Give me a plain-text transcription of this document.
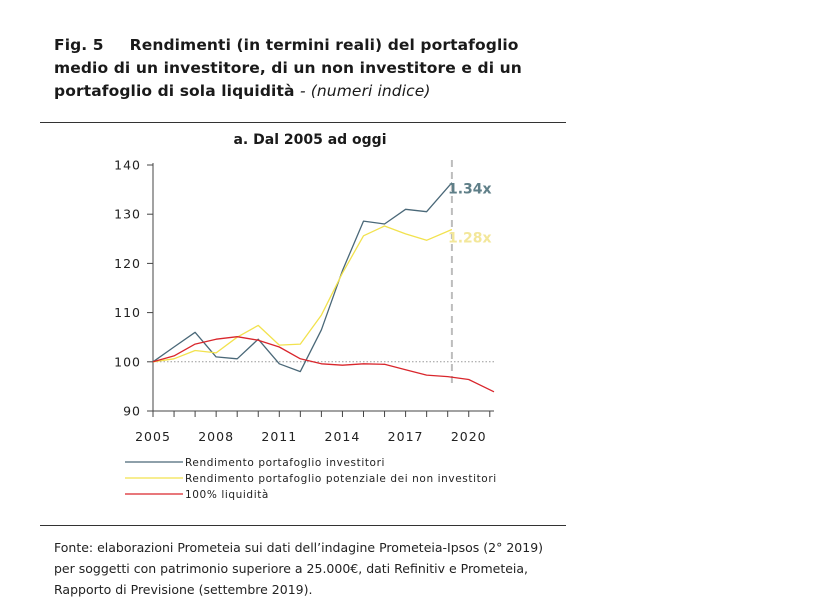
Fig. 5 Rendimenti (in termini reali) del portafoglio medio di un investitore, di un non investitore e di un portafoglio di sola liquidità - (numeri indice)
a. Dal 2005 ad oggi
90
100
110
120
130
140
2005 2008 2011 2014 2017 2020
1.34x
1.28x
Rendimento portafoglio investitori
Rendimento portafoglio potenziale dei non investitori
100% liquidità
Fonte: elaborazioni Prometeia sui dati dell’indagine Prometeia-Ipsos (2° 2019) per soggetti con patrimonio superiore a 25.000€, dati Refinitiv e Prometeia, Rapporto di Previsione (settembre 2019).
